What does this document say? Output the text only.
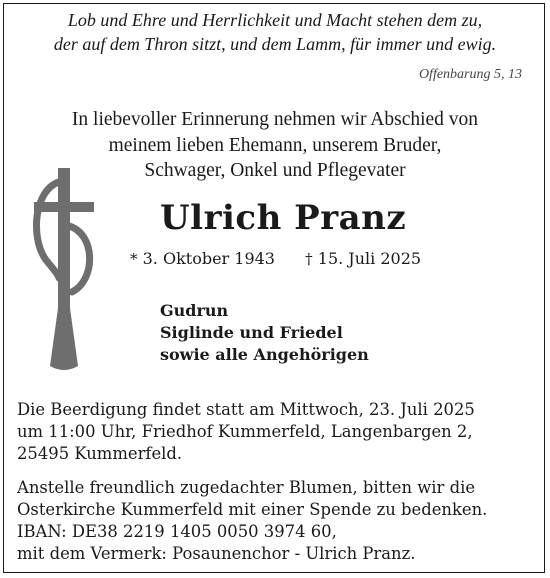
Lob und Ehre und Herrlichkeit und Macht stehen dem zu,
der auf dem Thron sitzt, und dem Lamm, für immer und ewig.
Offenbarung 5, 13
In liebevoller Erinnerung nehmen wir Abschied von
meinem lieben Ehemann, unserem Bruder,
Schwager, Onkel und Pflegevater
Ulrich Pranz
* 3. Oktober 1943 † 15. Juli 2025
Gudrun
Siglinde und Friedel
sowie alle Angehörigen
Die Beerdigung findet statt am Mittwoch, 23. Juli 2025
um 11:00 Uhr, Friedhof Kummerfeld, Langenbargen 2,
25495 Kummerfeld.
Anstelle freundlich zugedachter Blumen, bitten wir die
Osterkirche Kummerfeld mit einer Spende zu bedenken.
IBAN: DE38 2219 1405 0050 3974 60,
mit dem Vermerk: Posaunenchor - Ulrich Pranz.
